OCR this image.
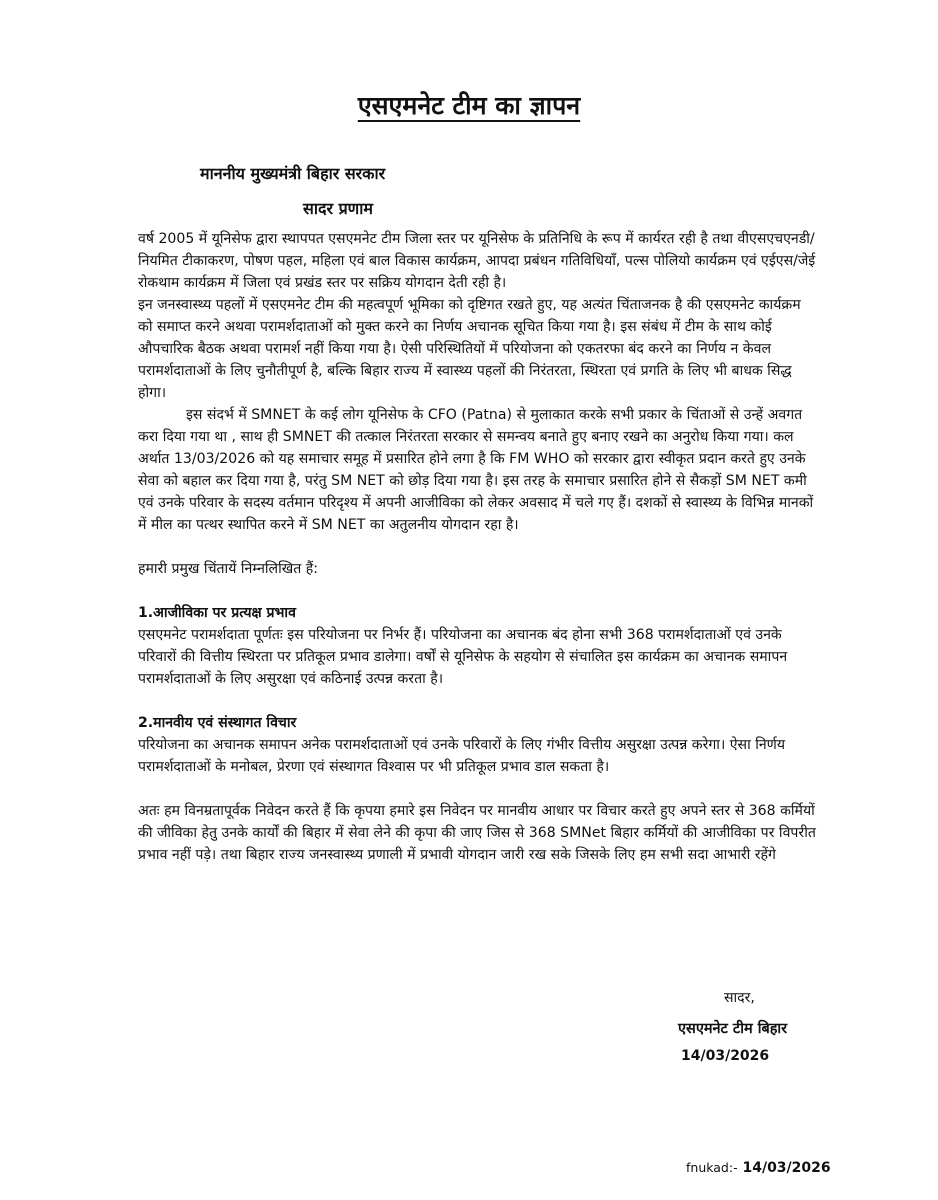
एसएमनेट टीम का ज्ञापन
माननीय मुख्यमंत्री बिहार सरकार
सादर प्रणाम

वर्ष 2005 में यूनिसेफ द्वारा स्थापपत एसएमनेट टीम जिला स्तर पर यूनिसेफ के प्रतिनिधि के रूप में कार्यरत रही है तथा वीएसएचएनडी/नियमित टीकाकरण, पोषण पहल, महिला एवं बाल विकास कार्यक्रम, आपदा प्रबंधन गतिविधियाँ, पल्स पोलियो कार्यक्रम एवं एईएस/जेई रोकथाम कार्यक्रम में जिला एवं प्रखंड स्तर पर सक्रिय योगदान देती रही है।

इन जनस्वास्थ्य पहलों में एसएमनेट टीम की महत्वपूर्ण भूमिका को दृष्टिगत रखते हुए, यह अत्यंत चिंताजनक है की एसएमनेट कार्यक्रम को समाप्त करने अथवा परामर्शदाताओं को मुक्त करने का निर्णय अचानक सूचित किया गया है। इस संबंध में टीम के साथ कोई औपचारिक बैठक अथवा परामर्श नहीं किया गया है। ऐसी परिस्थितियों में परियोजना को एकतरफा बंद करने का निर्णय न केवल परामर्शदाताओं के लिए चुनौतीपूर्ण है, बल्कि बिहार राज्य में स्वास्थ्य पहलों की निरंतरता, स्थिरता एवं प्रगति के लिए भी बाधक सिद्ध होगा।

इस संदर्भ में SMNET के कई लोग यूनिसेफ के CFO (Patna) से मुलाकात करके सभी प्रकार के चिंताओं से उन्हें अवगत करा दिया गया था , साथ ही SMNET की तत्काल निरंतरता सरकार से समन्वय बनाते हुए बनाए रखने का अनुरोध किया गया। कल अर्थात 13/03/2026 को यह समाचार समूह में प्रसारित होने लगा है कि FM WHO को सरकार द्वारा स्वीकृत प्रदान करते हुए उनके सेवा को बहाल कर दिया गया है, परंतु SM NET को छोड़ दिया गया है। इस तरह के समाचार प्रसारित होने से सैकड़ों SM NET कमी एवं उनके परिवार के सदस्य वर्तमान परिदृश्य में अपनी आजीविका को लेकर अवसाद में चले गए हैं। दशकों से स्वास्थ्य के विभिन्न मानकों में मील का पत्थर स्थापित करने में SM NET का अतुलनीय योगदान रहा है।

हमारी प्रमुख चिंतायें निम्नलिखित हैं:

1.आजीविका पर प्रत्यक्ष प्रभाव

एसएमनेट परामर्शदाता पूर्णतः इस परियोजना पर निर्भर हैं। परियोजना का अचानक बंद होना सभी 368 परामर्शदाताओं एवं उनके परिवारों की वित्तीय स्थिरता पर प्रतिकूल प्रभाव डालेगा। वर्षों से यूनिसेफ के सहयोग से संचालित इस कार्यक्रम का अचानक समापन परामर्शदाताओं के लिए असुरक्षा एवं कठिनाई उत्पन्न करता है।

2.मानवीय एवं संस्थागत विचार

परियोजना का अचानक समापन अनेक परामर्शदाताओं एवं उनके परिवारों के लिए गंभीर वित्तीय असुरक्षा उत्पन्न करेगा। ऐसा निर्णय परामर्शदाताओं के मनोबल, प्रेरणा एवं संस्थागत विश्वास पर भी प्रतिकूल प्रभाव डाल सकता है।

अतः हम विनम्रतापूर्वक निवेदन करते हैं कि कृपया हमारे इस निवेदन पर मानवीय आधार पर विचार करते हुए अपने स्तर से 368 कर्मियों की जीविका हेतु उनके कार्यों की बिहार में सेवा लेने की कृपा की जाए जिस से 368 SMNet बिहार कर्मियों की आजीविका पर विपरीत प्रभाव नहीं पड़े। तथा बिहार राज्य जनस्वास्थ्य प्रणाली में प्रभावी योगदान जारी रख सके जिसके लिए हम सभी सदा आभारी रहेंगे

सादर,
एसएमनेट टीम बिहार
14/03/2026
fnukad:- 14/03/2026
